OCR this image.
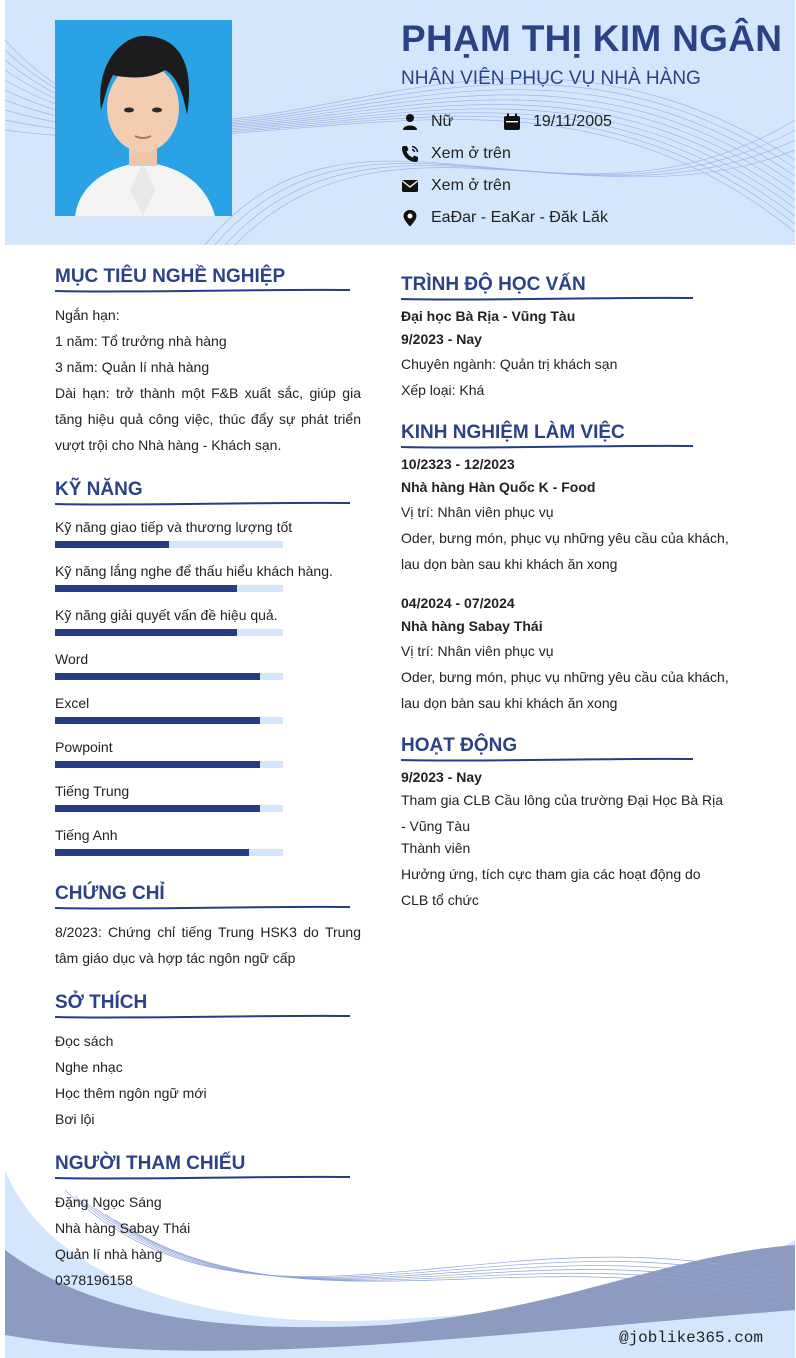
PHẠM THỊ KIM NGÂN
NHÂN VIÊN PHỤC VỤ NHÀ HÀNG
Nữ	19/11/2005
Xem ở trên
Xem ở trên
EaĐar - EaKar - Đăk Lăk
MỤC TIÊU NGHỀ NGHIỆP
Ngắn hạn:
1 năm: Tổ trưởng nhà hàng
3 năm: Quản lí nhà hàng
Dài hạn: trở thành một F&B xuất sắc, giúp gia tăng hiệu quả công việc, thúc đẩy sự phát triển vượt trội cho Nhà hàng - Khách sạn.
KỸ NĂNG
Kỹ năng giao tiếp và thương lượng tốt
Kỹ năng lắng nghe để thấu hiểu khách hàng.
Kỹ năng giải quyết vấn đề hiệu quả.
Word
Excel
Powpoint
Tiếng Trung
Tiếng Anh
CHỨNG CHỈ
8/2023: Chứng chỉ tiếng Trung HSK3 do Trung tâm giáo dục và hợp tác ngôn ngữ cấp
SỞ THÍCH
Đọc sách
Nghe nhạc
Học thêm ngôn ngữ mới
Bơi lội
NGƯỜI THAM CHIẾU
Đặng Ngọc Sáng
Nhà hàng Sabay Thái
Quản lí nhà hàng
0378196158
TRÌNH ĐỘ HỌC VẤN
Đại học Bà Rịa - Vũng Tàu
9/2023 - Nay
Chuyên ngành: Quản trị khách sạn
Xếp loại: Khá
KINH NGHIỆM LÀM VIỆC
10/2323 - 12/2023
Nhà hàng Hàn Quốc K - Food
Vị trí: Nhân viên phục vụ
Oder, bưng món, phục vụ những yêu cầu của khách, lau dọn bàn sau khi khách ăn xong
04/2024 - 07/2024
Nhà hàng Sabay Thái
Vị trí: Nhân viên phục vụ
Oder, bưng món, phục vụ những yêu cầu của khách, lau dọn bàn sau khi khách ăn xong
HOẠT ĐỘNG
9/2023 - Nay
Tham gia CLB Cầu lông của trường Đại Học Bà Rịa - Vũng Tàu
Thành viên
Hưởng ứng, tích cực tham gia các hoạt động do CLB tổ chức
@joblike365.com
